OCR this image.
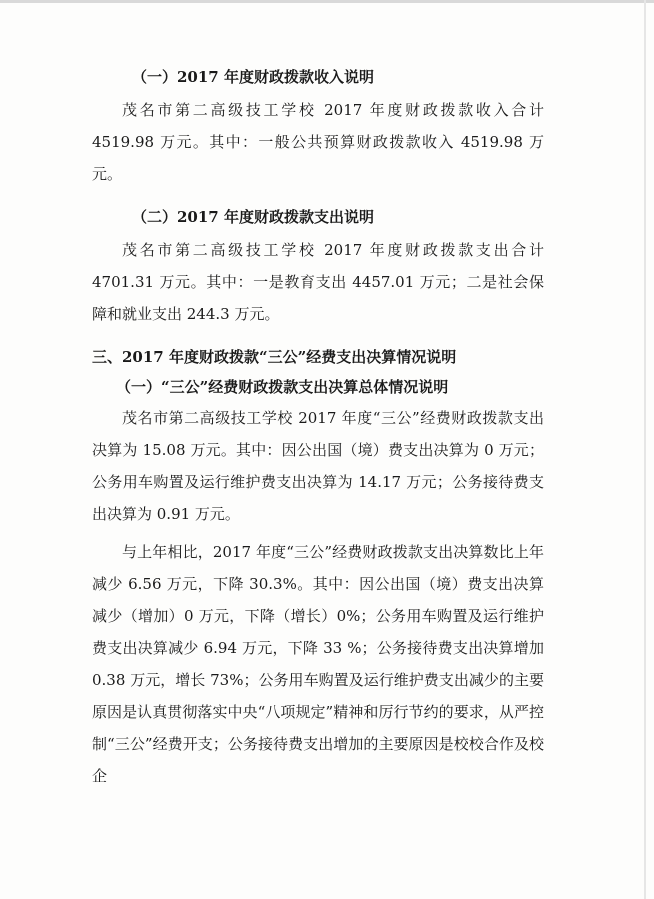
（一）2017 年度财政拨款收入说明

茂名市第二高级技工学校 2017 年度财政拨款收入合计 4519.98 万元。其中：一般公共预算财政拨款收入 4519.98 万元。

（二）2017 年度财政拨款支出说明

茂名市第二高级技工学校 2017 年度财政拨款支出合计 4701.31 万元。其中：一是教育支出 4457.01 万元；二是社会保障和就业支出 244.3 万元。

三、2017 年度财政拨款“三公”经费支出决算情况说明

（一）“三公”经费财政拨款支出决算总体情况说明

茂名市第二高级技工学校 2017 年度“三公”经费财政拨款支出决算为 15.08 万元。其中：因公出国（境）费支出决算为 0 万元；公务用车购置及运行维护费支出决算为 14.17 万元；公务接待费支出决算为 0.91 万元。

与上年相比，2017 年度“三公”经费财政拨款支出决算数比上年减少 6.56 万元，下降 30.3%。其中：因公出国（境）费支出决算减少（增加）0 万元，下降（增长）0%；公务用车购置及运行维护费支出决算减少 6.94 万元，下降 33 %；公务接待费支出决算增加 0.38 万元，增长 73%；公务用车购置及运行维护费支出减少的主要原因是认真贯彻落实中央“八项规定”精神和厉行节约的要求，从严控制“三公”经费开支；公务接待费支出增加的主要原因是校校合作及校企
